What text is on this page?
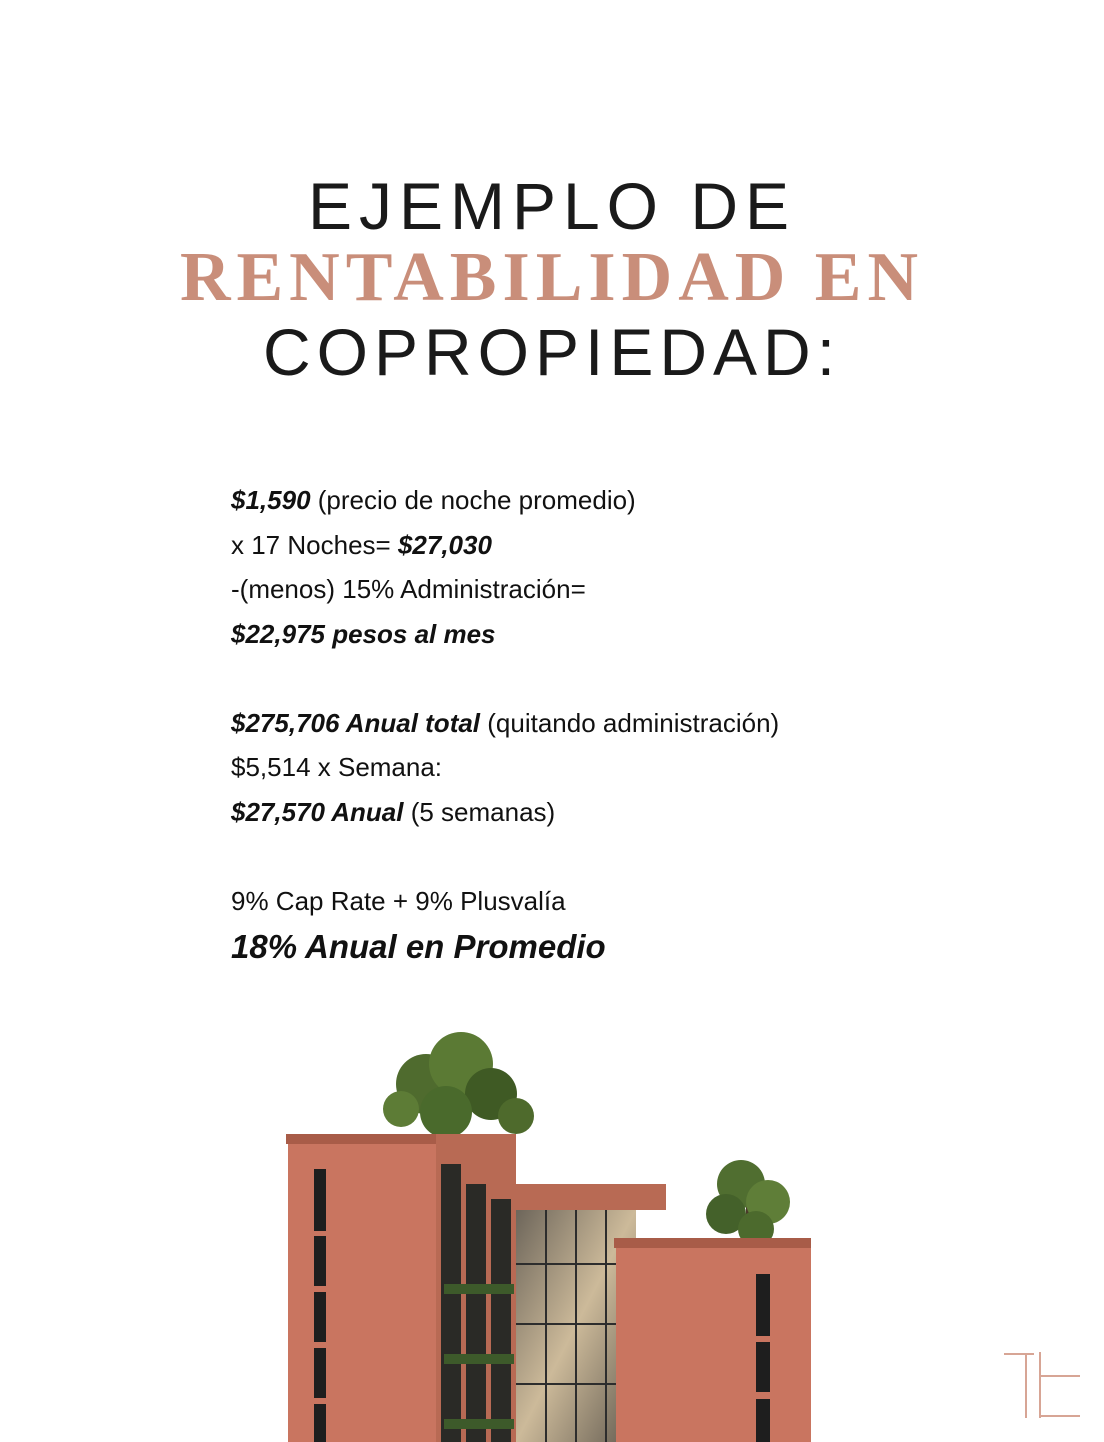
EJEMPLO DE
RENTABILIDAD EN
COPROPIEDAD:
$1,590 (precio de noche promedio)
x 17 Noches= $27,030
-(menos) 15% Administración=
$22,975 pesos al mes
$275,706 Anual total (quitando administración)
$5,514 x Semana:
$27,570 Anual (5 semanas)
9% Cap Rate + 9% Plusvalía
18% Anual en Promedio
